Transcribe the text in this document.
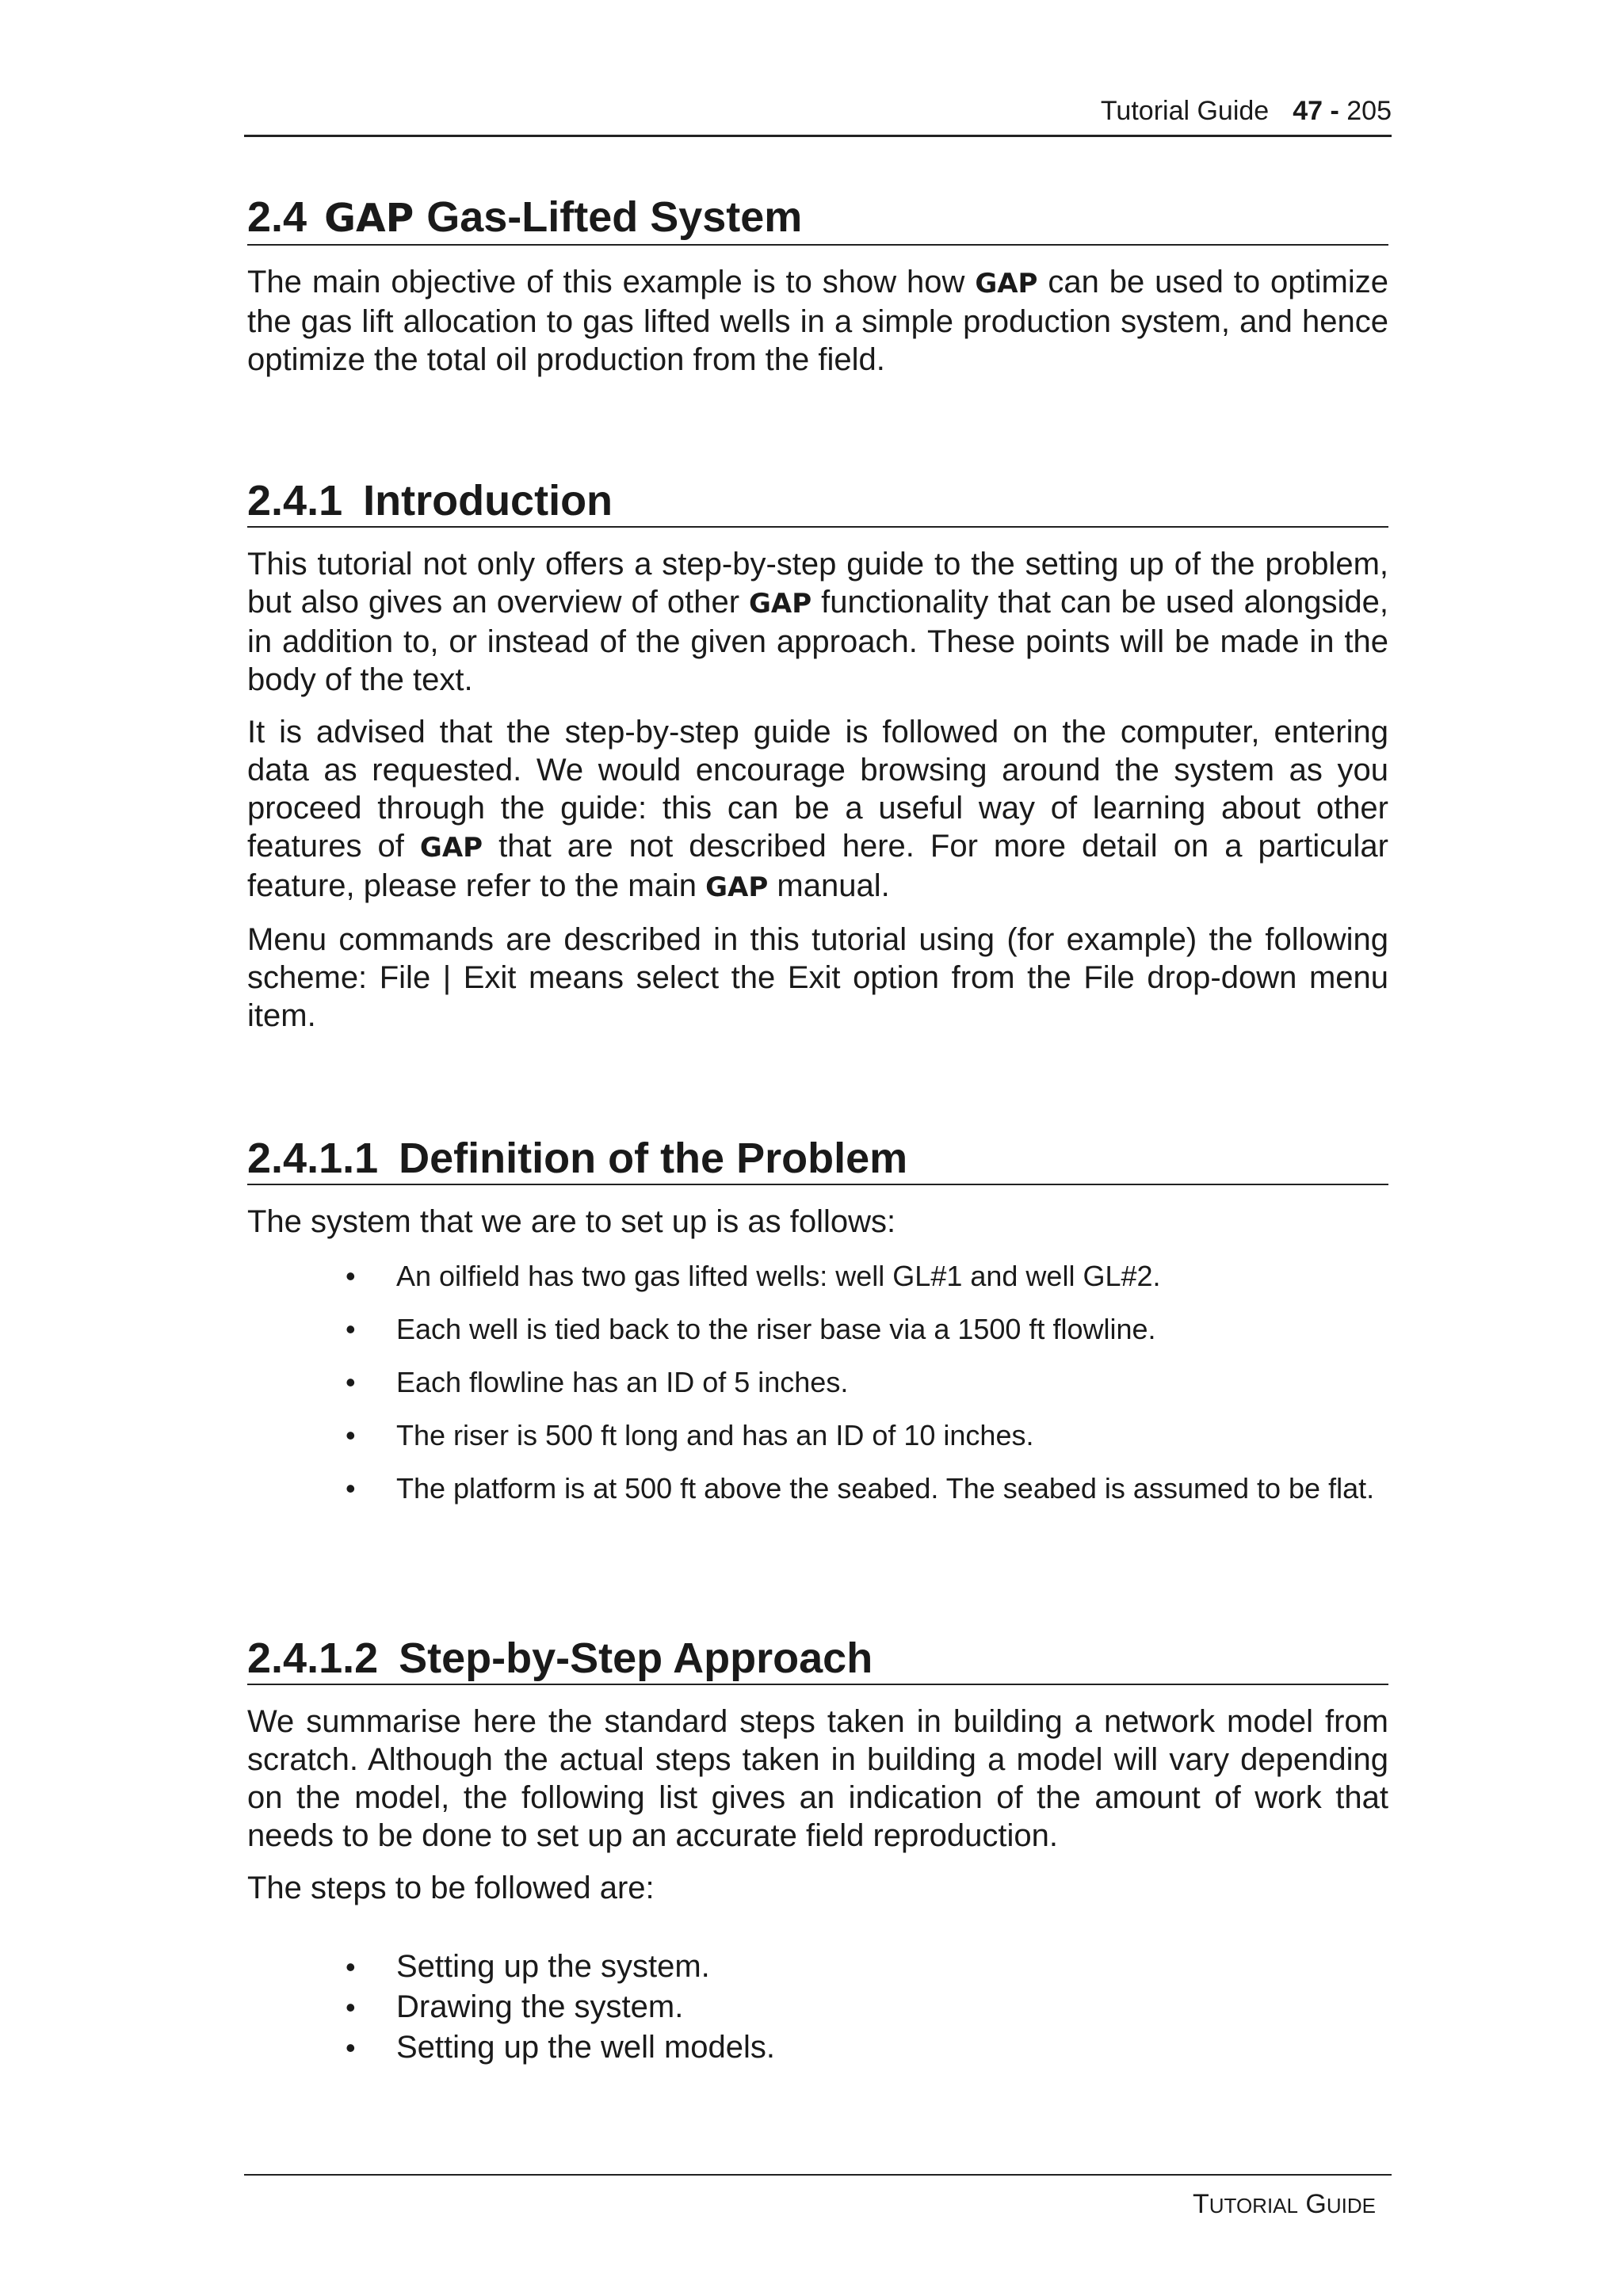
Tutorial Guide 47 -
205
2.4 GAP Gas-Lifted System

The main objective of this example is to show how GAP can be used to optimize the gas lift allocation to gas lifted wells in a simple production system, and hence optimize the total oil production from the field.

2.4.1 Introduction

This tutorial not only offers a step-by-step guide to the setting up of the problem, but also gives an overview of other GAP functionality that can be used alongside, in addition to, or instead of the given approach. These points will be made in the body of the text.

It is advised that the step-by-step guide is followed on the computer, entering data as requested. We would encourage browsing around the system as you proceed through the guide: this can be a useful way of learning about other features of GAP that are not described here. For more detail on a particular feature, please refer to the main GAP manual.

Menu commands are described in this tutorial using (for example) the following scheme: File | Exit means select the Exit option from the File drop-down menu item.

2.4.1.1 Definition of the Problem

The system that we are to set up is as follows:

• An oilfield has two gas lifted wells: well GL#1 and well GL#2.
• Each well is tied back to the riser base via a 1500 ft flowline.
• Each flowline has an ID of 5 inches.
• The riser is 500 ft long and has an ID of 10 inches.
• The platform is at 500 ft above the seabed. The seabed is assumed to be flat.
2.4.1.2 Step-by-Step Approach

We summarise here the standard steps taken in building a network model from scratch. Although the actual steps taken in building a model will vary depending on the model, the following list gives an indication of the amount of work that needs to be done to set up an accurate field reproduction.

The steps to be followed are:

• Setting up the system.
• Drawing the system.
• Setting up the well models.
TUTORIAL GUIDE
